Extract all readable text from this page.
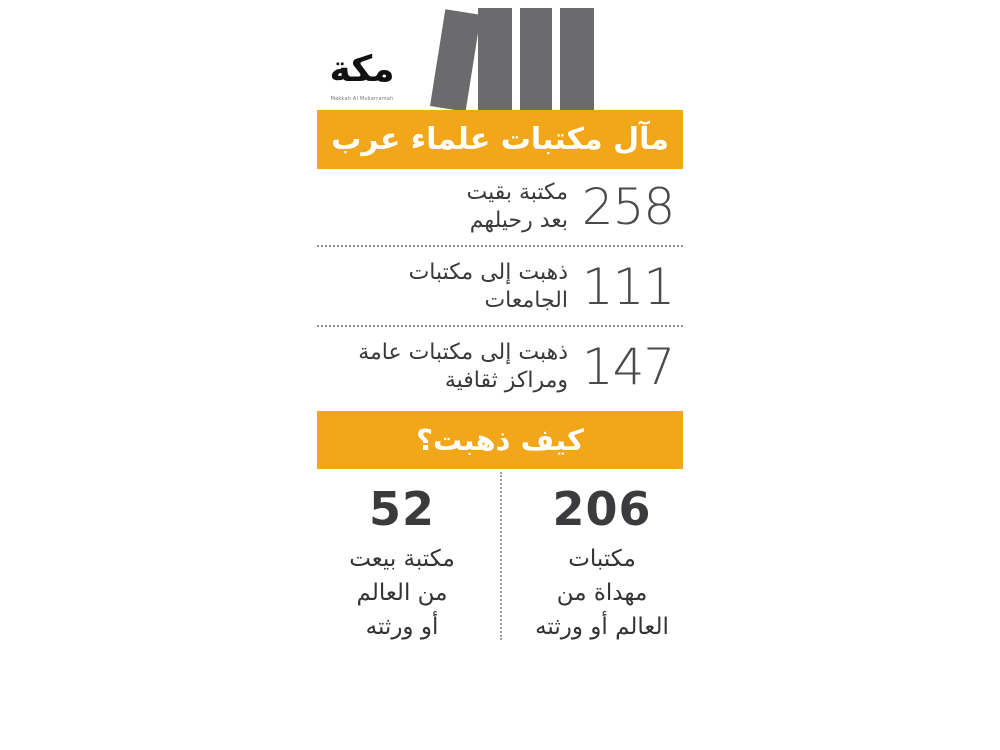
مكة
Makkah Al Mukarramah
مآل مكتبات علماء عرب
258
مكتبة بقيت
بعد رحيلهم
111
ذهبت إلى مكتبات
الجامعات
147
ذهبت إلى مكتبات عامة
ومراكز ثقافية
كيف ذهبت؟
52
مكتبة بيعت
من العالم
أو ورثته
206
مكتبات
مهداة من
العالم أو ورثته
